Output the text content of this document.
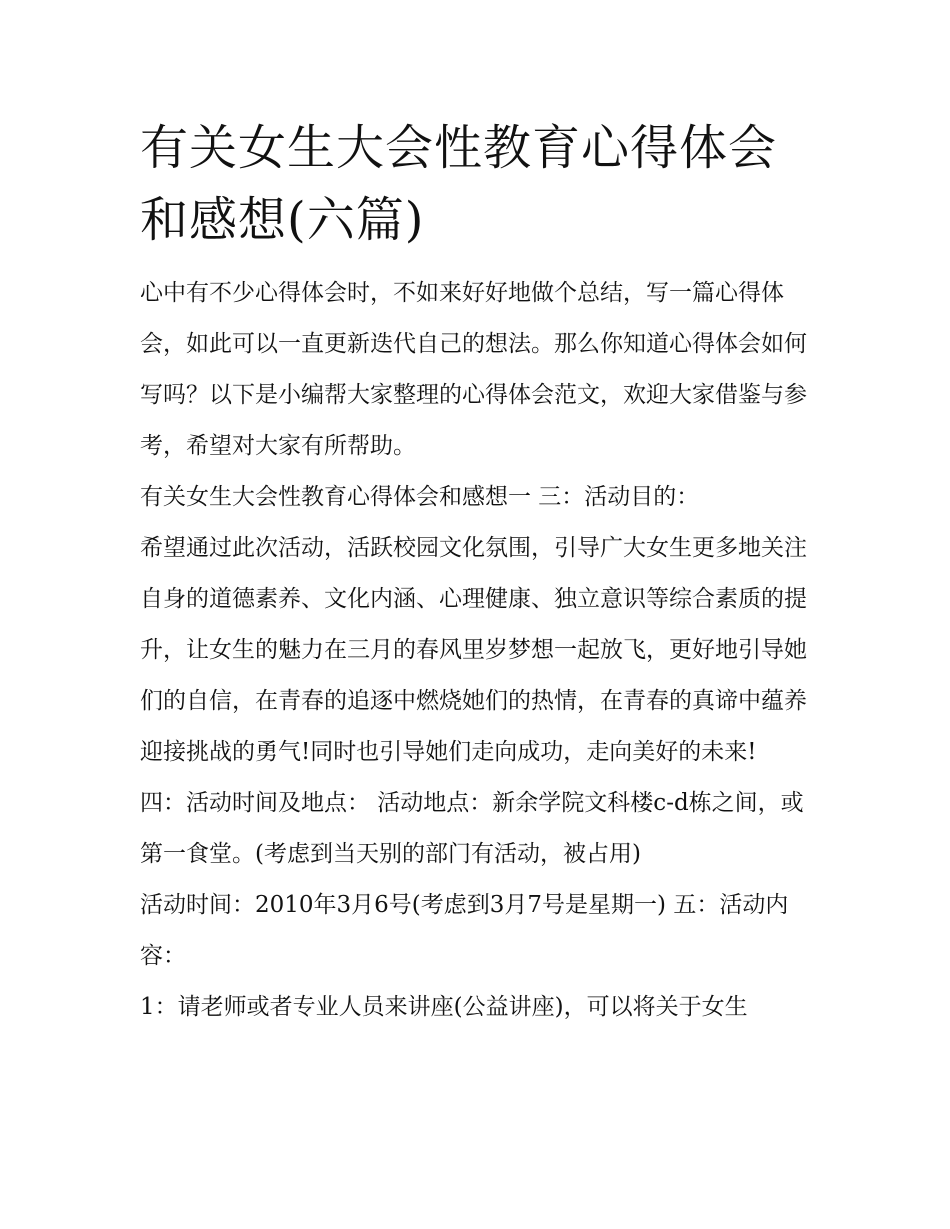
有关女生大会性教育心得体会和感想(六篇)

心中有不少心得体会时，不如来好好地做个总结，写一篇心得体会，如此可以一直更新迭代自己的想法。那么你知道心得体会如何写吗？以下是小编帮大家整理的心得体会范文，欢迎大家借鉴与参考，希望对大家有所帮助。

有关女生大会性教育心得体会和感想一 三：活动目的：

希望通过此次活动，活跃校园文化氛围，引导广大女生更多地关注自身的道德素养、文化内涵、心理健康、独立意识等综合素质的提升，让女生的魅力在三月的春风里岁梦想一起放飞，更好地引导她们的自信，在青春的追逐中燃烧她们的热情，在青春的真谛中蕴养迎接挑战的勇气!同时也引导她们走向成功，走向美好的未来!

四：活动时间及地点： 活动地点：新余学院文科楼c-d栋之间，或第一食堂。(考虑到当天别的部门有活动，被占用)

活动时间：2010年3月6号(考虑到3月7号是星期一) 五：活动内容：

1：请老师或者专业人员来讲座(公益讲座)，可以将关于女生
